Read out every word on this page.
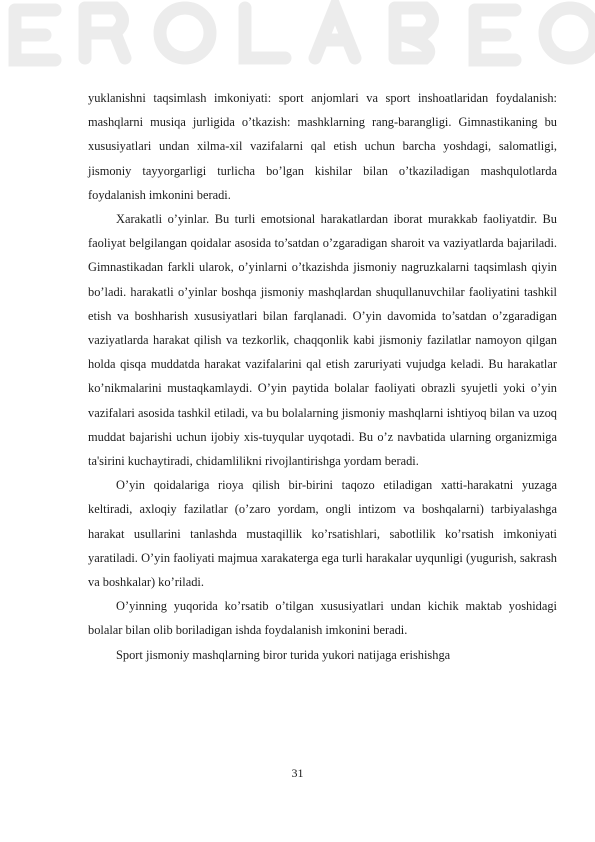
yuklanishni taqsimlash imkoniyati: sport anjomlari va sport inshoatlaridan foydalanish: mashqlarni musiqa jurligida o’tkazish: mashklarning rang-barangligi. Gimnastikaning bu xususiyatlari undan xilma-xil vazifalarni qal etish uchun barcha yoshdagi, salomatligi, jismoniy tayyorgarligi turlicha bo’lgan kishilar bilan o’tkaziladigan mashqulotlarda foydalanish imkonini beradi.

Xarakatli o’yinlar. Bu turli emotsional harakatlardan iborat murakkab faoliyatdir. Bu faoliyat belgilangan qoidalar asosida to’satdan o’zgaradigan sharoit va vaziyatlarda bajariladi. Gimnastikadan farkli ularok, o’yinlarni o’tkazishda jismoniy nagruzkalarni taqsimlash qiyin bo’ladi. harakatli o’yinlar boshqa jismoniy mashqlardan shuqullanuvchilar faoliyatini tashkil etish va boshharish xususiyatlari bilan farqlanadi. O’yin davomida to’satdan o’zgaradigan vaziyatlarda harakat qilish va tezkorlik, chaqqonlik kabi jismoniy fazilatlar namoyon qilgan holda qisqa muddatda harakat vazifalarini qal etish zaruriyati vujudga keladi. Bu harakatlar ko’nikmalarini mustaqkamlaydi. O’yin paytida bolalar faoliyati obrazli syujetli yoki o’yin vazifalari asosida tashkil etiladi, va bu bolalarning jismoniy mashqlarni ishtiyoq bilan va uzoq muddat bajarishi uchun ijobiy xis-tuyqular uyqotadi. Bu o’z navbatida ularning organizmiga ta'sirini kuchaytiradi, chidamlilikni rivojlantirishga yordam beradi.

O’yin qoidalariga rioya qilish bir-birini taqozo etiladigan xatti-harakatni yuzaga keltiradi, axloqiy fazilatlar (o’zaro yordam, ongli intizom va boshqalarni) tarbiyalashga harakat usullarini tanlashda mustaqillik ko’rsatishlari, sabotlilik ko’rsatish imkoniyati yaratiladi. O’yin faoliyati majmua xarakaterga ega turli harakalar uyqunligi (yugurish, sakrash va boshkalar) ko’riladi.

O’yinning yuqorida ko’rsatib o’tilgan xususiyatlari undan kichik maktab yoshidagi bolalar bilan olib boriladigan ishda foydalanish imkonini beradi.

Sport jismoniy mashqlarning biror turida yukori natijaga erishishga

31
